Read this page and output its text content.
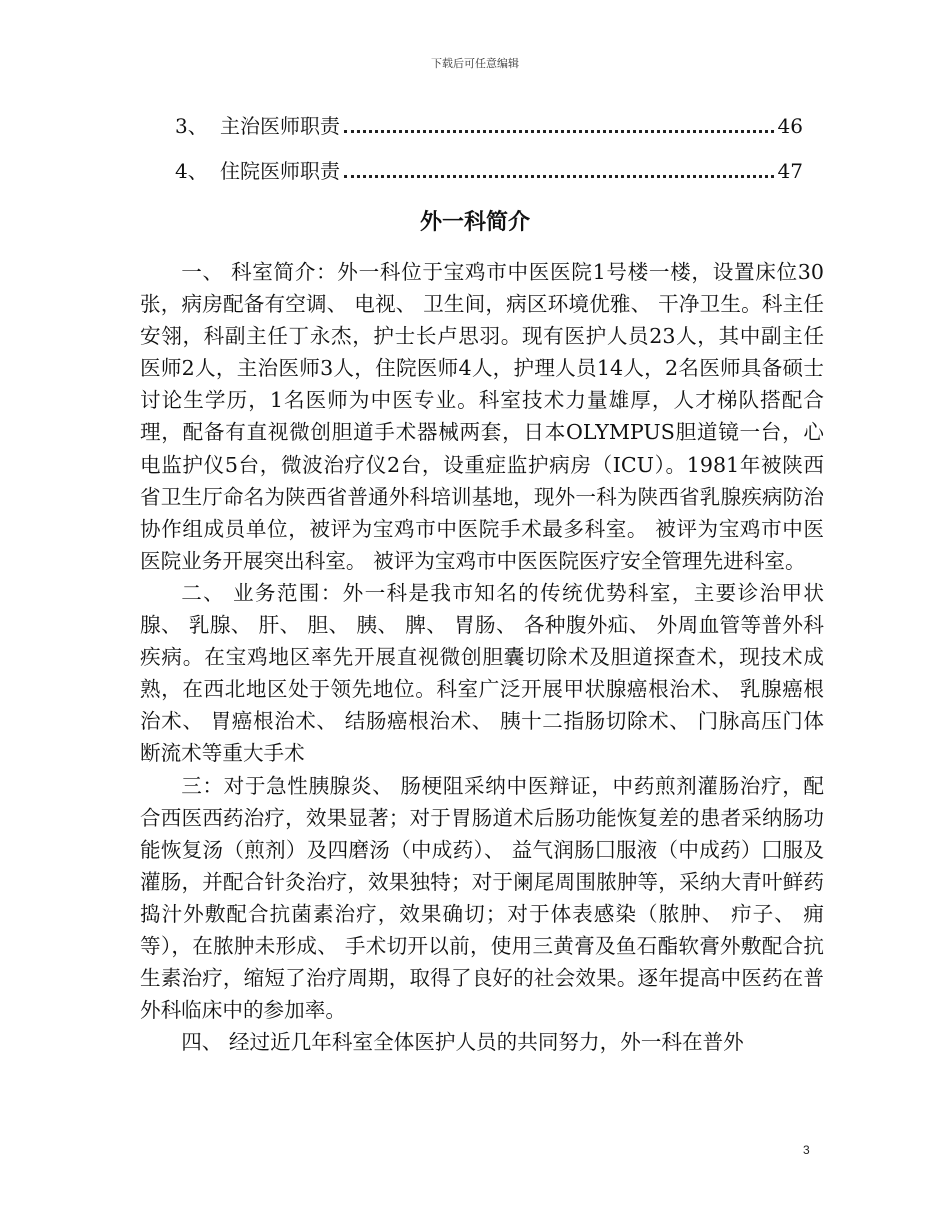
下载后可任意编辑
3、 主治医师职责	46
4、 住院医师职责	47
外一科简介

一、 科室简介：外一科位于宝鸡市中医医院1号楼一楼，设置床位30张，病房配备有空调、 电视、 卫生间，病区环境优雅、 干净卫生。科主任安翎，科副主任丁永杰，护士长卢思羽。现有医护人员23人，其中副主任医师2人，主治医师3人，住院医师4人，护理人员14人，2名医师具备硕士讨论生学历，1名医师为中医专业。科室技术力量雄厚，人才梯队搭配合理，配备有直视微创胆道手术器械两套，日本OLYMPUS胆道镜一台，心电监护仪5台，微波治疗仪2台，设重症监护病房（ICU）。1981年被陕西省卫生厅命名为陕西省普通外科培训基地，现外一科为陕西省乳腺疾病防治协作组成员单位，被评为宝鸡市中医院手术最多科室。 被评为宝鸡市中医医院业务开展突出科室。 被评为宝鸡市中医医院医疗安全管理先进科室。

二、 业务范围：外一科是我市知名的传统优势科室，主要诊治甲状腺、 乳腺、 肝、 胆、 胰、 脾、 胃肠、 各种腹外疝、 外周血管等普外科疾病。在宝鸡地区率先开展直视微创胆囊切除术及胆道探查术，现技术成熟，在西北地区处于领先地位。科室广泛开展甲状腺癌根治术、 乳腺癌根治术、 胃癌根治术、 结肠癌根治术、 胰十二指肠切除术、 门脉高压门体断流术等重大手术

三：对于急性胰腺炎、 肠梗阻采纳中医辩证，中药煎剂灌肠治疗，配合西医西药治疗，效果显著；对于胃肠道术后肠功能恢复差的患者采纳肠功能恢复汤（煎剂）及四磨汤（中成药）、 益气润肠囗服液（中成药）囗服及灌肠，并配合针灸治疗，效果独特；对于阑尾周围脓肿等，采纳大青叶鲜药捣汁外敷配合抗菌素治疗，效果确切；对于体表感染（脓肿、 疖子、 痈等），在脓肿未形成、 手术切开以前，使用三黄膏及鱼石酯软膏外敷配合抗生素治疗，缩短了治疗周期，取得了良好的社会效果。逐年提高中医药在普外科临床中的参加率。

四、 经过近几年科室全体医护人员的共同努力，外一科在普外

3
